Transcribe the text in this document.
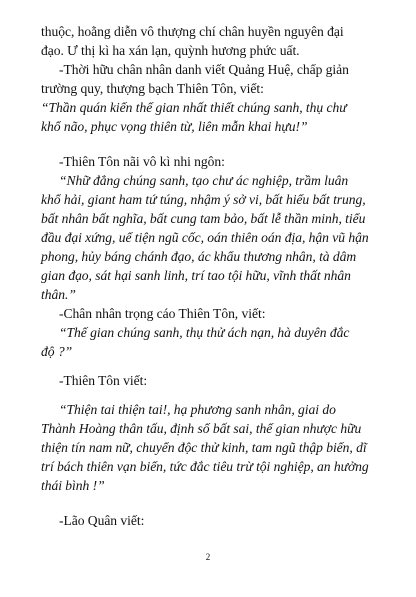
thuộc, hoằng diễn vô thượng chí chân huyền nguyên đại
đạo. Ư thị kì ha xán lạn, quỳnh hương phức uất.
-Thời hữu chân nhân danh viết Quảng Huệ, chấp giản
trường quy, thượng bạch Thiên Tôn, viết:
“Thần quán kiến thế gian nhất thiết chúng sanh, thụ chư
khổ não, phục vọng thiên từ, liên mẫn khai hựu!”
-Thiên Tôn nãi vô kì nhi ngôn:
“Nhữ đẳng chúng sanh, tạo chư ác nghiệp, trầm luân
khổ hải, giant ham tứ túng, nhậm ý sở vi, bất hiếu bất trung,
bất nhân bất nghĩa, bất cung tam bảo, bất lễ thần minh, tiểu
đầu đại xứng, uế tiện ngũ cốc, oán thiên oán địa, hận vũ hận
phong, hủy báng chánh đạo, ác khẩu thương nhân, tà dâm
gian đạo, sát hại sanh linh, trí tao tội hữu, vĩnh thất nhân
thân.”
-Chân nhân trọng cáo Thiên Tôn, viết:
“Thế gian chúng sanh, thụ thử ách nạn, hà duyên đắc
độ ?”
-Thiên Tôn viết:
“Thiện tai thiện tai!, hạ phương sanh nhân, giai do
Thành Hoàng thân tấu, định số bất sai, thế gian nhược hữu
thiện tín nam nữ, chuyển độc thử kinh, tam ngũ thập biến, dĩ
trí bách thiên vạn biến, tức đắc tiêu trừ tội nghiệp, an hưởng
thái bình !”
-Lão Quân viết:
2
